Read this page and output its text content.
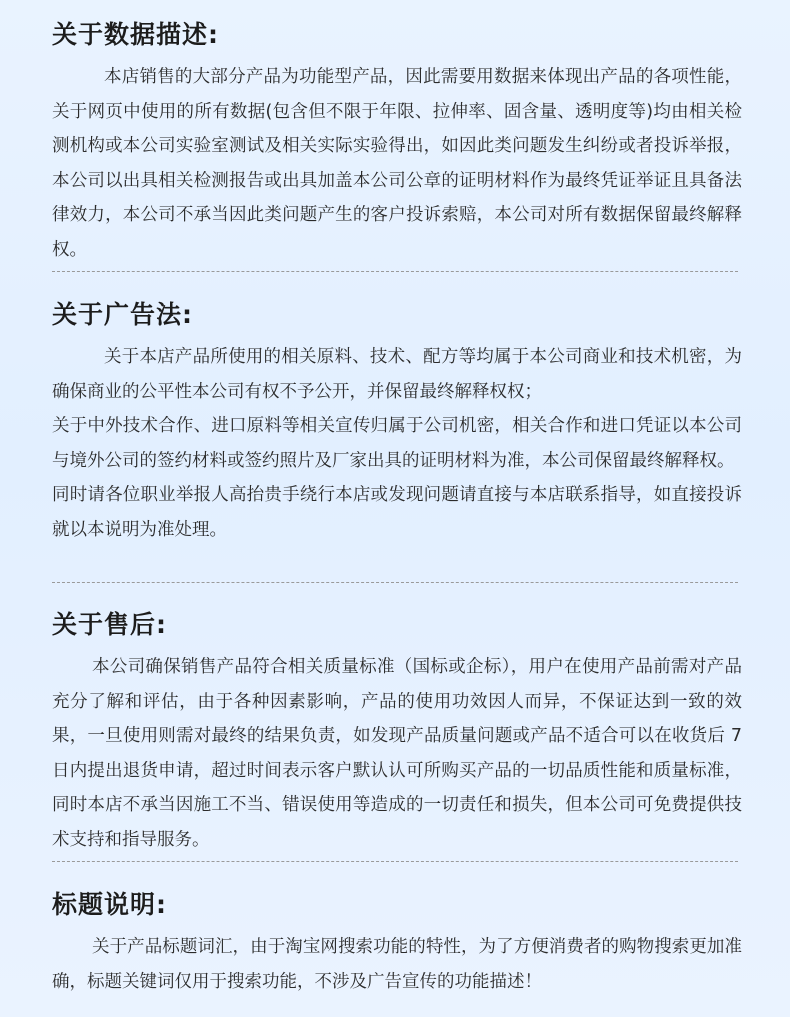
关于数据描述:

本店销售的大部分产品为功能型产品，因此需要用数据来体现出产品的各项性能，关于网页中使用的所有数据(包含但不限于年限、拉伸率、固含量、透明度等)均由相关检测机构或本公司实验室测试及相关实际实验得出，如因此类问题发生纠纷或者投诉举报，本公司以出具相关检测报告或出具加盖本公司公章的证明材料作为最终凭证举证且具备法律效力，本公司不承当因此类问题产生的客户投诉索赔，本公司对所有数据保留最终解释权。

关于广告法:

关于本店产品所使用的相关原料、技术、配方等均属于本公司商业和技术机密，为确保商业的公平性本公司有权不予公开，并保留最终解释权权；

关于中外技术合作、进口原料等相关宣传归属于公司机密，相关合作和进口凭证以本公司与境外公司的签约材料或签约照片及厂家出具的证明材料为准，本公司保留最终解释权。

同时请各位职业举报人高抬贵手绕行本店或发现问题请直接与本店联系指导，如直接投诉就以本说明为准处理。

关于售后:

本公司确保销售产品符合相关质量标准（国标或企标），用户在使用产品前需对产品充分了解和评估，由于各种因素影响，产品的使用功效因人而异，不保证达到一致的效果，一旦使用则需对最终的结果负责，如发现产品质量问题或产品不适合可以在收货后 7 日内提出退货申请，超过时间表示客户默认认可所购买产品的一切品质性能和质量标准，同时本店不承当因施工不当、错误使用等造成的一切责任和损失，但本公司可免费提供技术支持和指导服务。

标题说明:

关于产品标题词汇，由于淘宝网搜索功能的特性，为了方便消费者的购物搜索更加准确，标题关键词仅用于搜索功能，不涉及广告宣传的功能描述！
